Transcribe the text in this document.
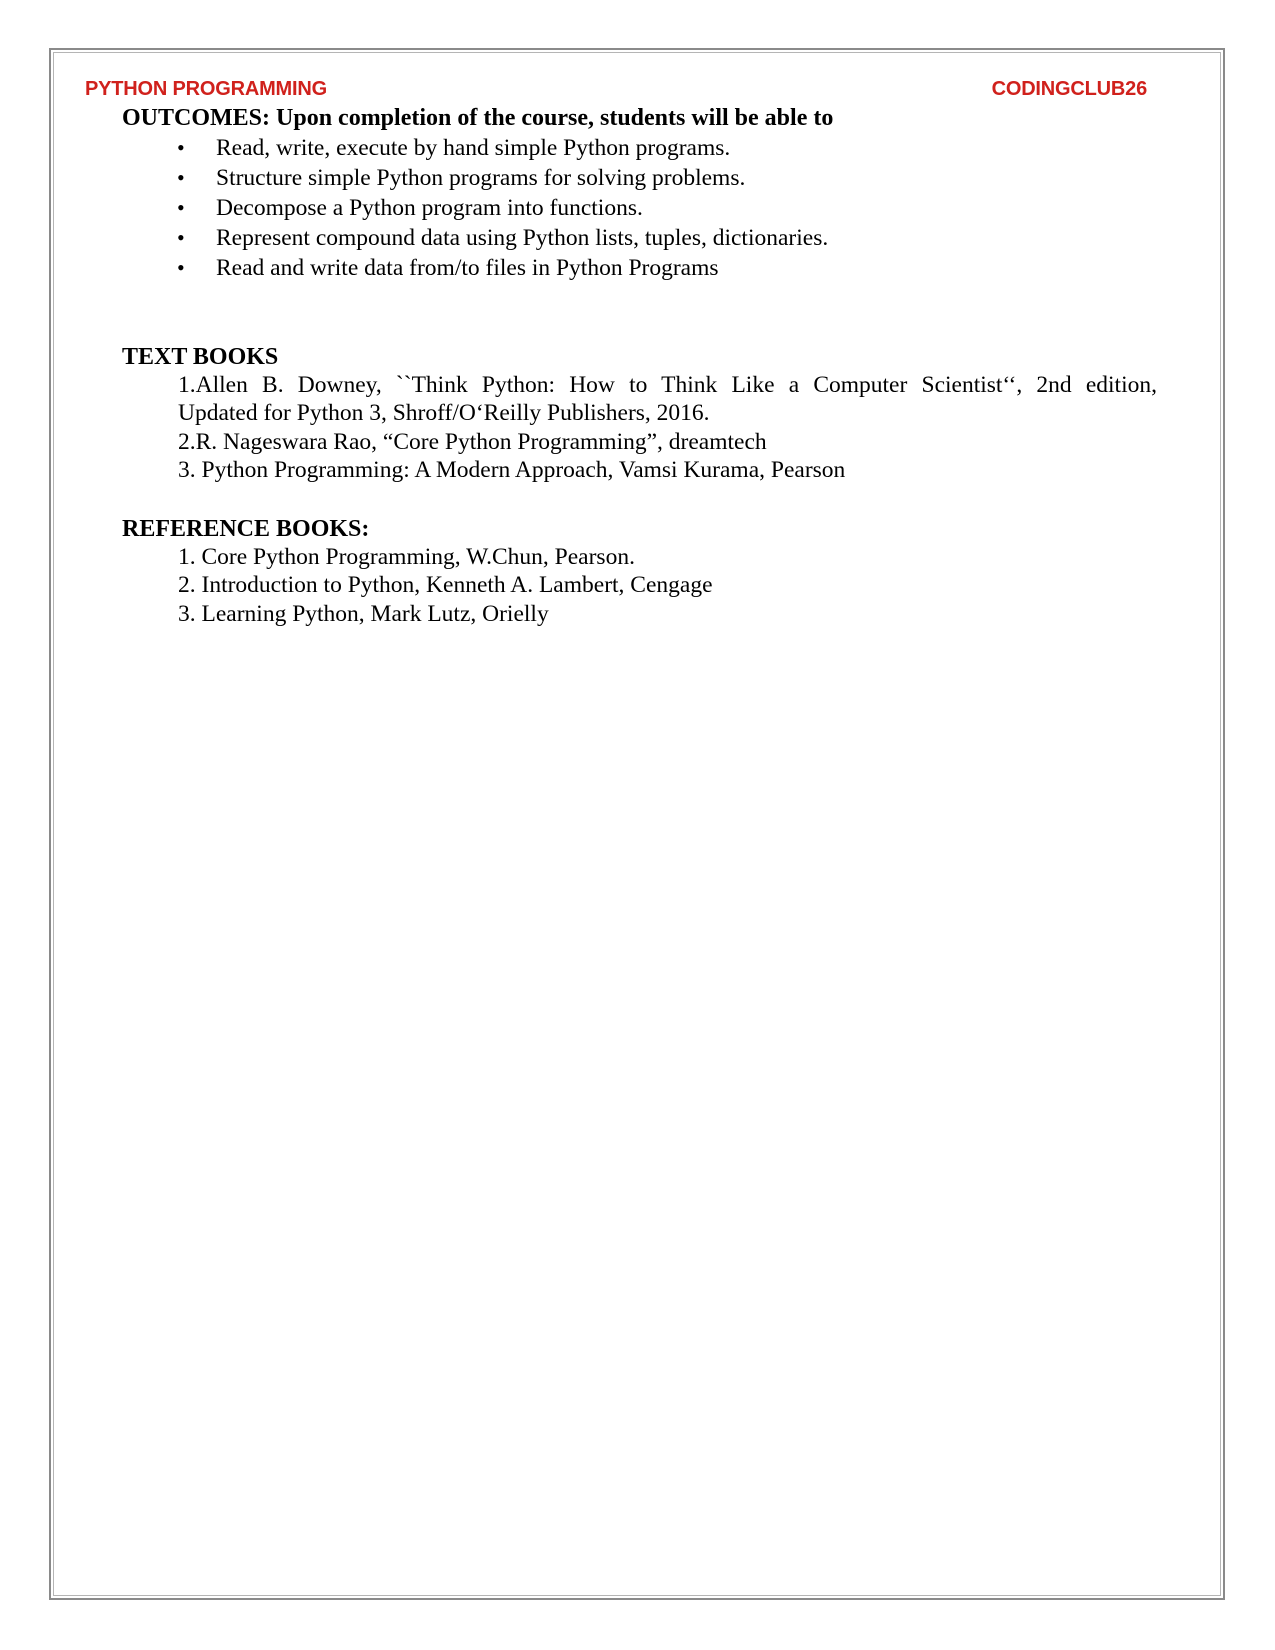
PYTHON PROGRAMMING	CODINGCLUB26
OUTCOMES: Upon completion of the course, students will be able to
•	Read, write, execute by hand simple Python programs.
•	Structure simple Python programs for solving problems.
•	Decompose a Python program into functions.
•	Represent compound data using Python lists, tuples, dictionaries.
•	Read and write data from/to files in Python Programs
TEXT BOOKS
1.Allen B. Downey, ``Think Python: How to Think Like a Computer Scientist‘‘, 2nd edition,
Updated for Python 3, Shroff/O‘Reilly Publishers, 2016.
2.R. Nageswara Rao, “Core Python Programming”, dreamtech
3. Python Programming: A Modern Approach, Vamsi Kurama, Pearson
REFERENCE BOOKS:
1. Core Python Programming, W.Chun, Pearson.
2. Introduction to Python, Kenneth A. Lambert, Cengage
3. Learning Python, Mark Lutz, Orielly
